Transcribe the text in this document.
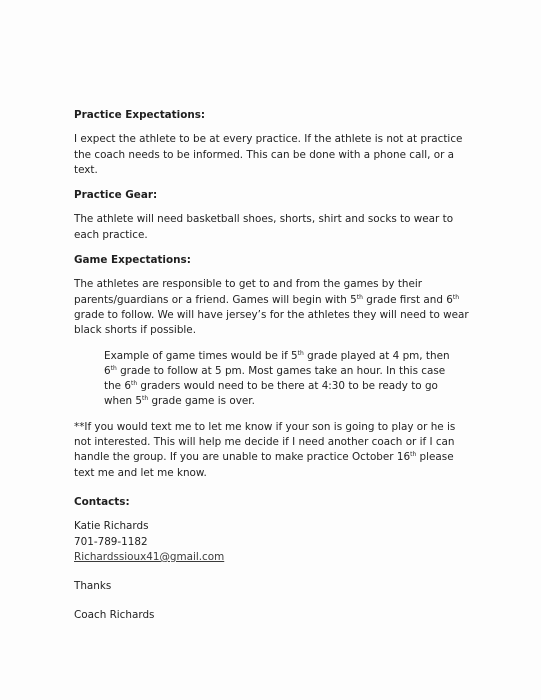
Practice Expectations:

I expect the athlete to be at every practice. If the athlete is not at practice the coach needs to be informed. This can be done with a phone call, or a text.

Practice Gear:

The athlete will need basketball shoes, shorts, shirt and socks to wear to each practice.

Game Expectations:

The athletes are responsible to get to and from the games by their parents/guardians or a friend. Games will begin with 5th grade first and 6th grade to follow. We will have jersey’s for the athletes they will need to wear black shorts if possible.

Example of game times would be if 5th grade played at 4 pm, then 6th grade to follow at 5 pm. Most games take an hour. In this case the 6th graders would need to be there at 4:30 to be ready to go when 5th grade game is over.

**If you would text me to let me know if your son is going to play or he is not interested. This will help me decide if I need another coach or if I can handle the group. If you are unable to make practice October 16th please text me and let me know.

Contacts:

Katie Richards

701-789-1182

Richardssioux41@gmail.com

Thanks

Coach Richards
